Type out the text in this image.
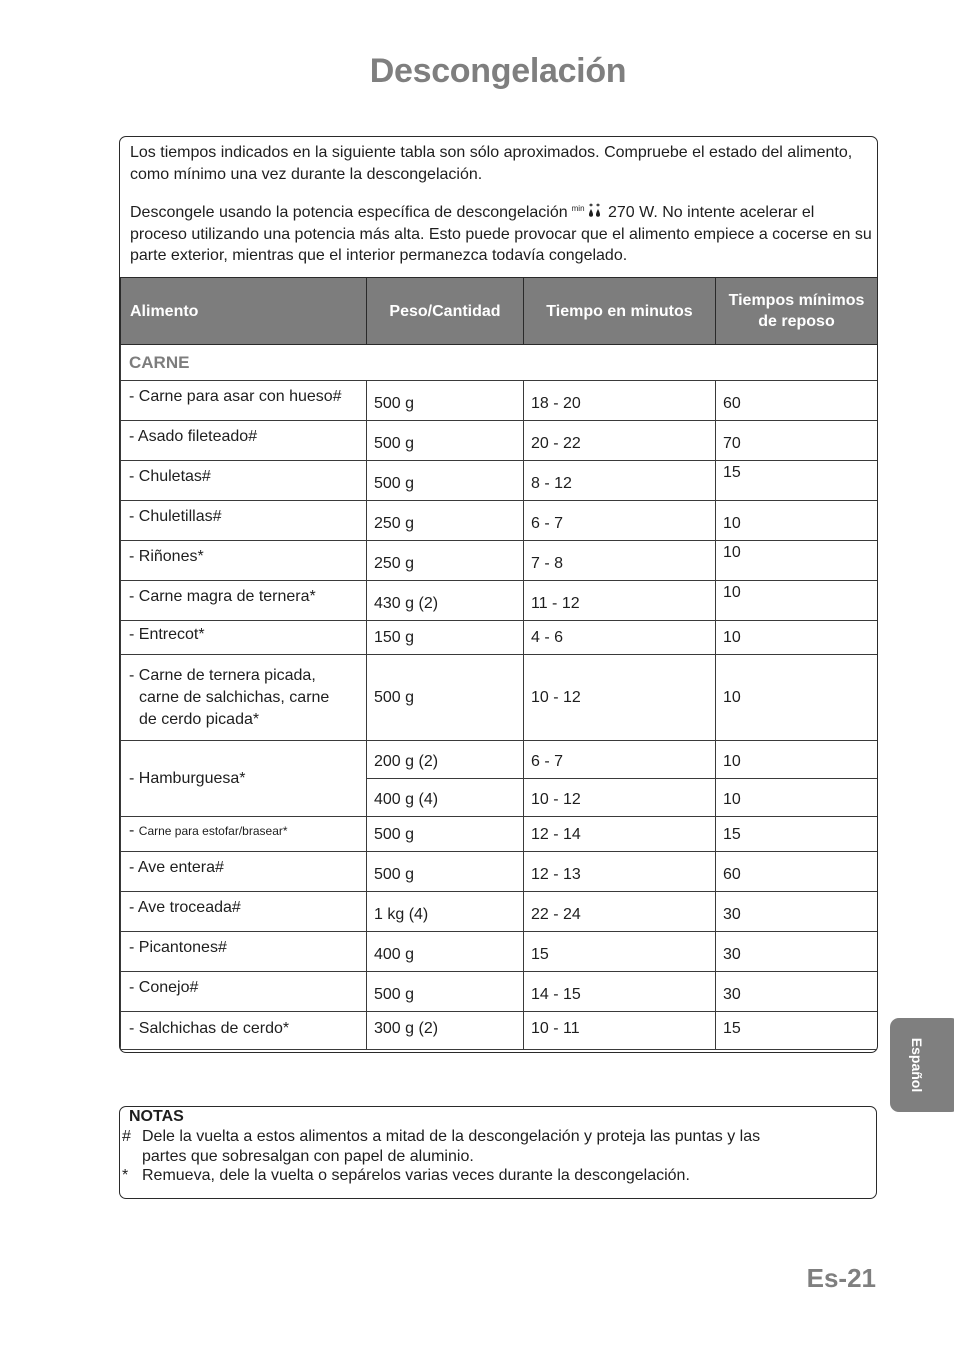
Descongelación

Los tiempos indicados en la siguiente tabla son sólo aproximados. Compruebe el estado del alimento, como mínimo una vez durante la descongelación.

Descongele usando la potencia específica de descongelación $^{min}$ 270 W. No intente acelerar el proceso utilizando una potencia más alta. Esto puede provocar que el alimento empiece a cocerse en su parte exterior, mientras que el interior permanezca todavía congelado.

Alimento	Peso/Cantidad	Tiempo en minutos	Tiempos mínimos de reposo
CARNE			
- Carne para asar con hueso#	500 g	18 - 20	60
- Asado fileteado#	500 g	20 - 22	70
- Chuletas#	500 g	8 - 12	15
- Chuletillas#	250 g	6 - 7	10
- Riñones*	250 g	7 - 8	10
- Carne magra de ternera*	430 g (2)	11 - 12	10
- Entrecot*	150 g	4 - 6	10

- Carne de ternera picada,
carne de salchichas, carne
de cerdo picada*	500 g	10 - 12	10
- Hamburguesa*	200 g (2)	6 - 7	10
	400 g (4)	10 - 12	10
- Carne para estofar/brasear*	500 g	12 - 14	15
- Ave entera#	500 g	12 - 13	60
- Ave troceada#	1 kg (4)	22 - 24	30
- Picantones#	400 g	15	30
- Conejo#	500 g	14 - 15	30
- Salchichas de cerdo*	300 g (2)	10 - 11	15
NOTAS
# Dele la vuelta a estos alimentos a mitad de la descongelación y proteja las puntas y las
partes que sobresalgan con papel de aluminio.
* Remueva, dele la vuelta o sepárelos varias veces durante la descongelación.
Español
Es-21
